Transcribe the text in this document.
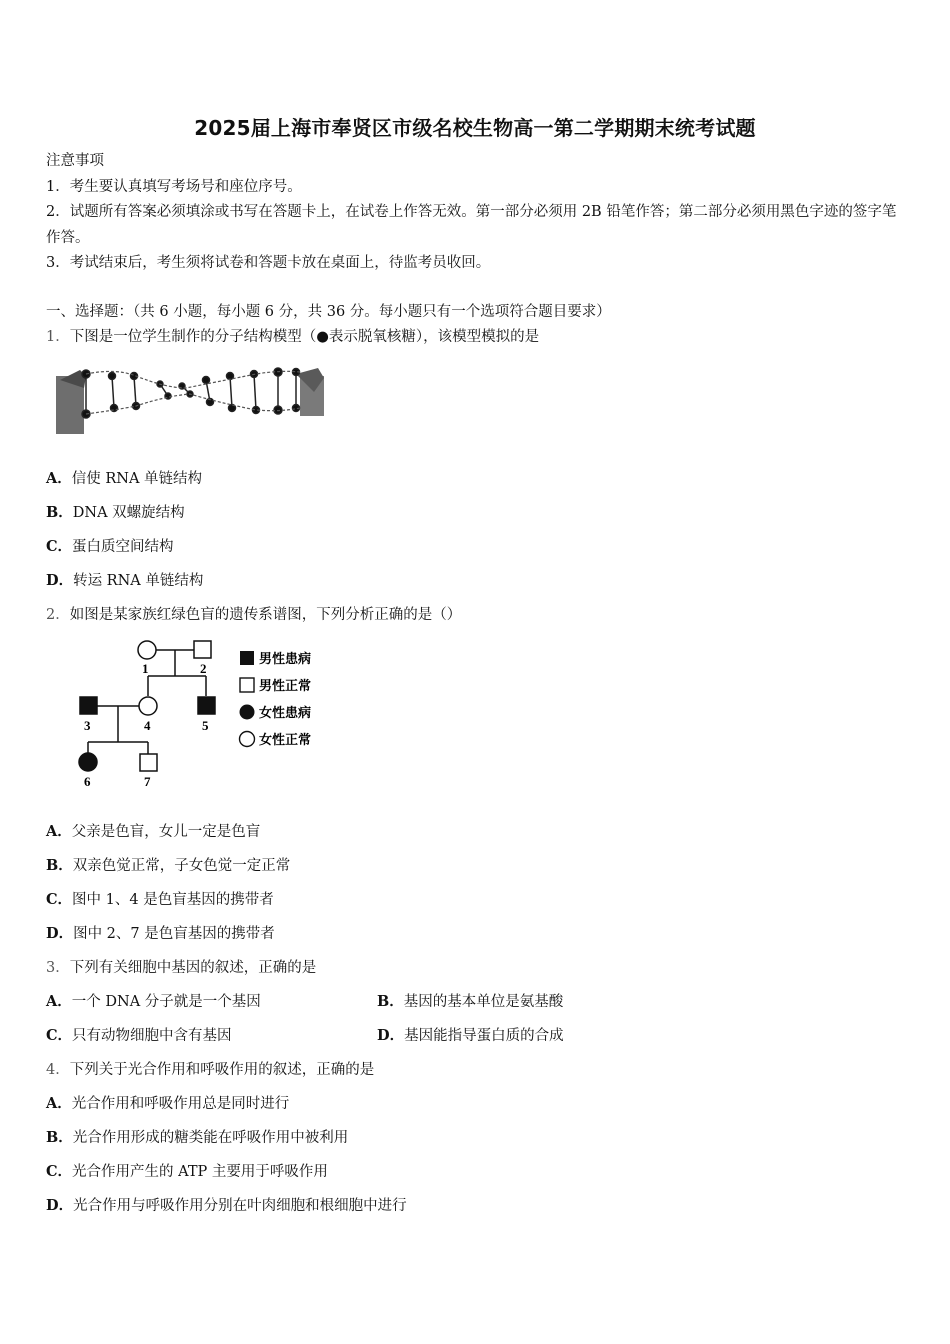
2025届上海市奉贤区市级名校生物高一第二学期期末统考试题
注意事项
1．考生要认真填写考场号和座位序号。
2．试题所有答案必须填涂或书写在答题卡上，在试卷上作答无效。第一部分必须用 2B 铅笔作答；第二部分必须用黑色字迹的签字笔作答。
3．考试结束后，考生须将试卷和答题卡放在桌面上，待监考员收回。
一、选择题：（共 6 小题，每小题 6 分，共 36 分。每小题只有一个选项符合题目要求）
1．下图是一位学生制作的分子结构模型（●表示脱氧核糖），该模型模拟的是
A．信使 RNA 单链结构
B．DNA 双螺旋结构
C．蛋白质空间结构
D．转运 RNA 单链结构
2．如图是某家族红绿色盲的遗传系谱图，下列分析正确的是（）
1	2
3	4	5
6	7
男性患病
男性正常
女性患病
女性正常
A．父亲是色盲，女儿一定是色盲
B．双亲色觉正常，子女色觉一定正常
C．图中 1、4 是色盲基因的携带者
D．图中 2、7 是色盲基因的携带者
3．下列有关细胞中基因的叙述，正确的是
A．一个 DNA 分子就是一个基因	B．基因的基本单位是氨基酸
C．只有动物细胞中含有基因	D．基因能指导蛋白质的合成
4．下列关于光合作用和呼吸作用的叙述，正确的是
A．光合作用和呼吸作用总是同时进行
B．光合作用形成的糖类能在呼吸作用中被利用
C．光合作用产生的 ATP 主要用于呼吸作用
D．光合作用与呼吸作用分别在叶肉细胞和根细胞中进行
